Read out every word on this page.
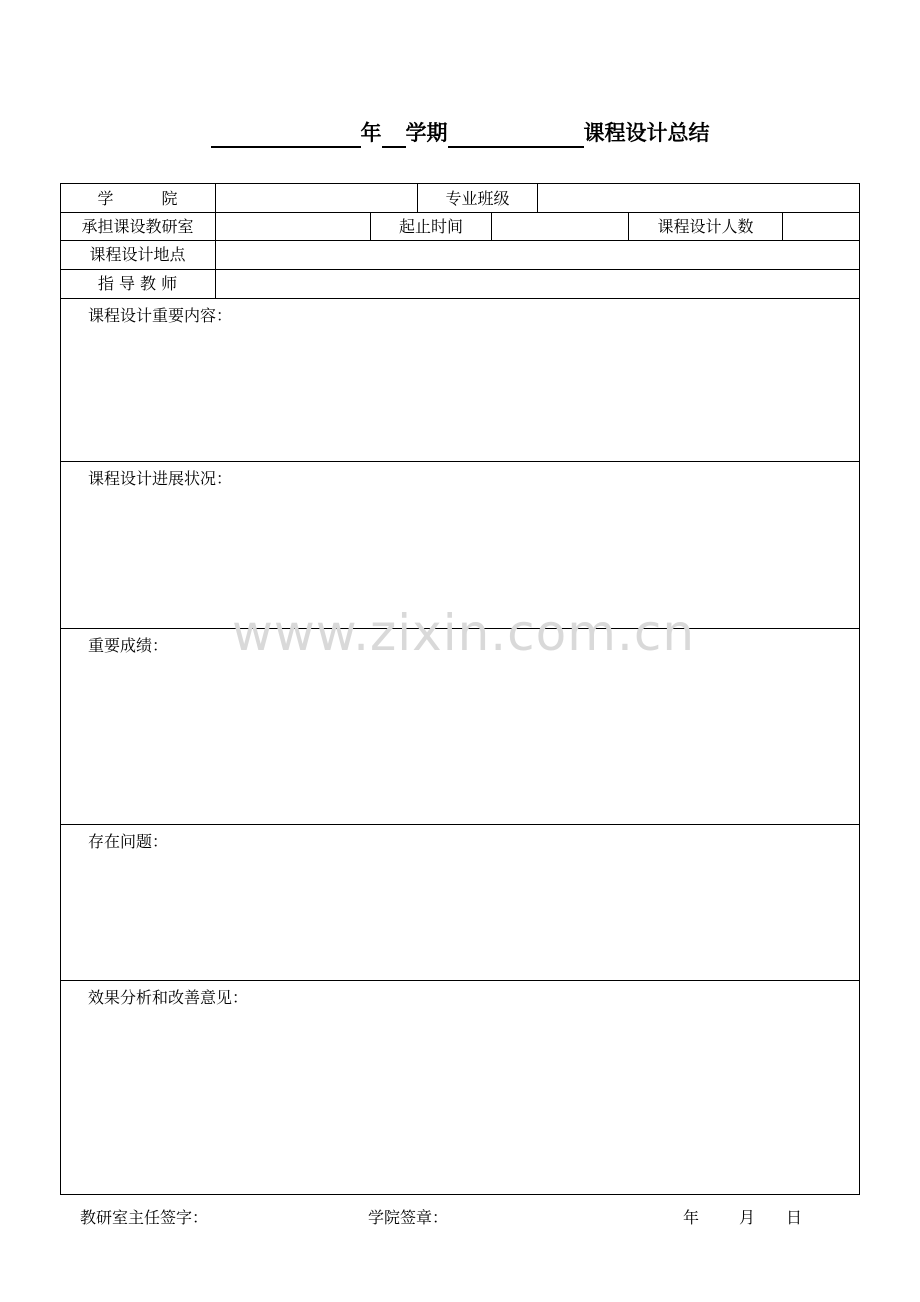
年 学期	课程设计总结
学　　　院	专业班级
承担课设教研室	起止时间	课程设计人数
课程设计地点
指 导 教 师
课程设计重要内容：
课程设计进展状况：
重要成绩：
存在问题：
效果分析和改善意见：
www.zixin.com.cn
教研室主任签字：	学院签章：	年 月 日
